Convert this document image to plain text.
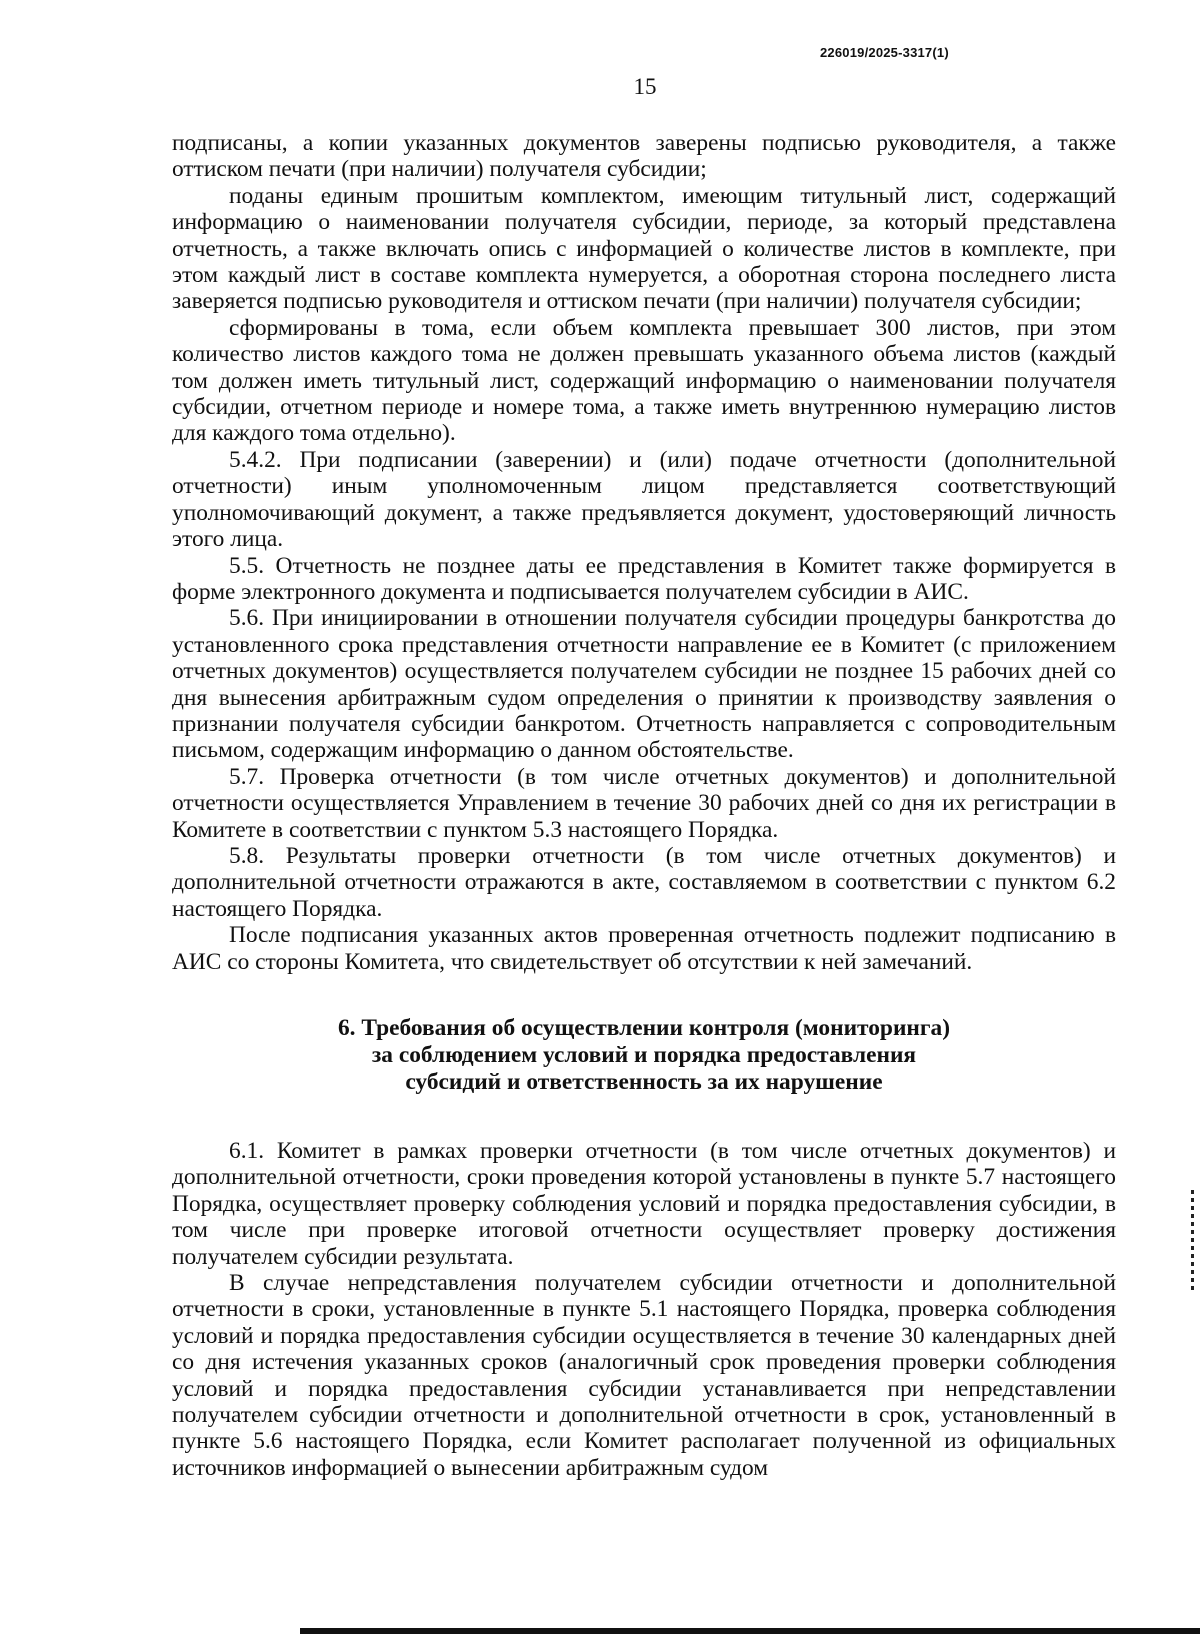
226019/2025-3317(1)
15

подписаны, а копии указанных документов заверены подписью руководителя, а также оттиском печати (при наличии) получателя субсидии;

поданы единым прошитым комплектом, имеющим титульный лист, содержащий информацию о наименовании получателя субсидии, периоде, за который представлена отчетность, а также включать опись с информацией о количестве листов в комплекте, при этом каждый лист в составе комплекта нумеруется, а оборотная сторона последнего листа заверяется подписью руководителя и оттиском печати (при наличии) получателя субсидии;

сформированы в тома, если объем комплекта превышает 300 листов, при этом количество листов каждого тома не должен превышать указанного объема листов (каждый том должен иметь титульный лист, содержащий информацию о наименовании получателя субсидии, отчетном периоде и номере тома, а также иметь внутреннюю нумерацию листов для каждого тома отдельно).

5.4.2. При подписании (заверении) и (или) подаче отчетности (дополнительной отчетности) иным уполномоченным лицом представляется соответствующий уполномочивающий документ, а также предъявляется документ, удостоверяющий личность этого лица.

5.5. Отчетность не позднее даты ее представления в Комитет также формируется в форме электронного документа и подписывается получателем субсидии в АИС.

5.6. При инициировании в отношении получателя субсидии процедуры банкротства до установленного срока представления отчетности направление ее в Комитет (с приложением отчетных документов) осуществляется получателем субсидии не позднее 15 рабочих дней со дня вынесения арбитражным судом определения о принятии к производству заявления о признании получателя субсидии банкротом. Отчетность направляется с сопроводительным письмом, содержащим информацию о данном обстоятельстве.

5.7. Проверка отчетности (в том числе отчетных документов) и дополнительной отчетности осуществляется Управлением в течение 30 рабочих дней со дня их регистрации в Комитете в соответствии с пунктом 5.3 настоящего Порядка.

5.8. Результаты проверки отчетности (в том числе отчетных документов) и дополнительной отчетности отражаются в акте, составляемом в соответствии с пунктом 6.2 настоящего Порядка.

После подписания указанных актов проверенная отчетность подлежит подписанию в АИС со стороны Комитета, что свидетельствует об отсутствии к ней замечаний.

6. Требования об осуществлении контроля (мониторинга)
за соблюдением условий и порядка предоставления
субсидий и ответственность за их нарушение

6.1. Комитет в рамках проверки отчетности (в том числе отчетных документов) и дополнительной отчетности, сроки проведения которой установлены в пункте 5.7 настоящего Порядка, осуществляет проверку соблюдения условий и порядка предоставления субсидии, в том числе при проверке итоговой отчетности осуществляет проверку достижения получателем субсидии результата.

В случае непредставления получателем субсидии отчетности и дополнительной отчетности в сроки, установленные в пункте 5.1 настоящего Порядка, проверка соблюдения условий и порядка предоставления субсидии осуществляется в течение 30 календарных дней со дня истечения указанных сроков (аналогичный срок проведения проверки соблюдения условий и порядка предоставления субсидии устанавливается при непредставлении получателем субсидии отчетности и дополнительной отчетности в срок, установленный в пункте 5.6 настоящего Порядка, если Комитет располагает полученной из официальных источников информацией о вынесении арбитражным судом
